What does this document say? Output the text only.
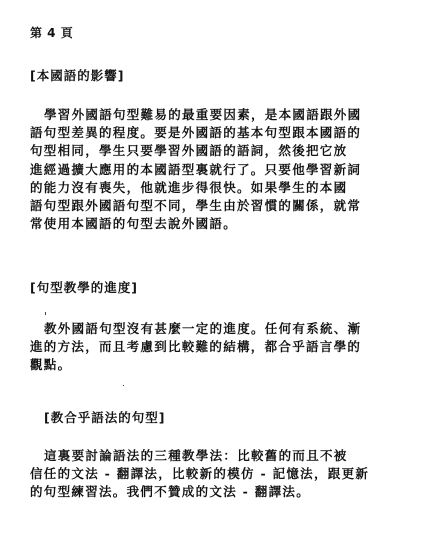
第 4 頁
[本國語的影響]
學習外國語句型難易的最重要因素，是本國語跟外國
語句型差異的程度。要是外國語的基本句型跟本國語的
句型相同，學生只要學習外國語的語詞，然後把它放
進經過擴大應用的本國語型裏就行了。只要他學習新詞
的能力沒有喪失，他就進步得很快。如果學生的本國
語句型跟外國語句型不同，學生由於習慣的關係，就常
常使用本國語的句型去說外國語。
[句型教學的進度]
教外國語句型沒有甚麼一定的進度。任何有系統、漸
進的方法，而且考慮到比較難的結構，都合乎語言學的
觀點。
[教合乎語法的句型]
這裏要討論語法的三種教學法：比較舊的而且不被
信任的文法 - 翻譯法，比較新的模仿 - 記憶法，跟更新
的句型練習法。我們不贊成的文法 - 翻譯法。
